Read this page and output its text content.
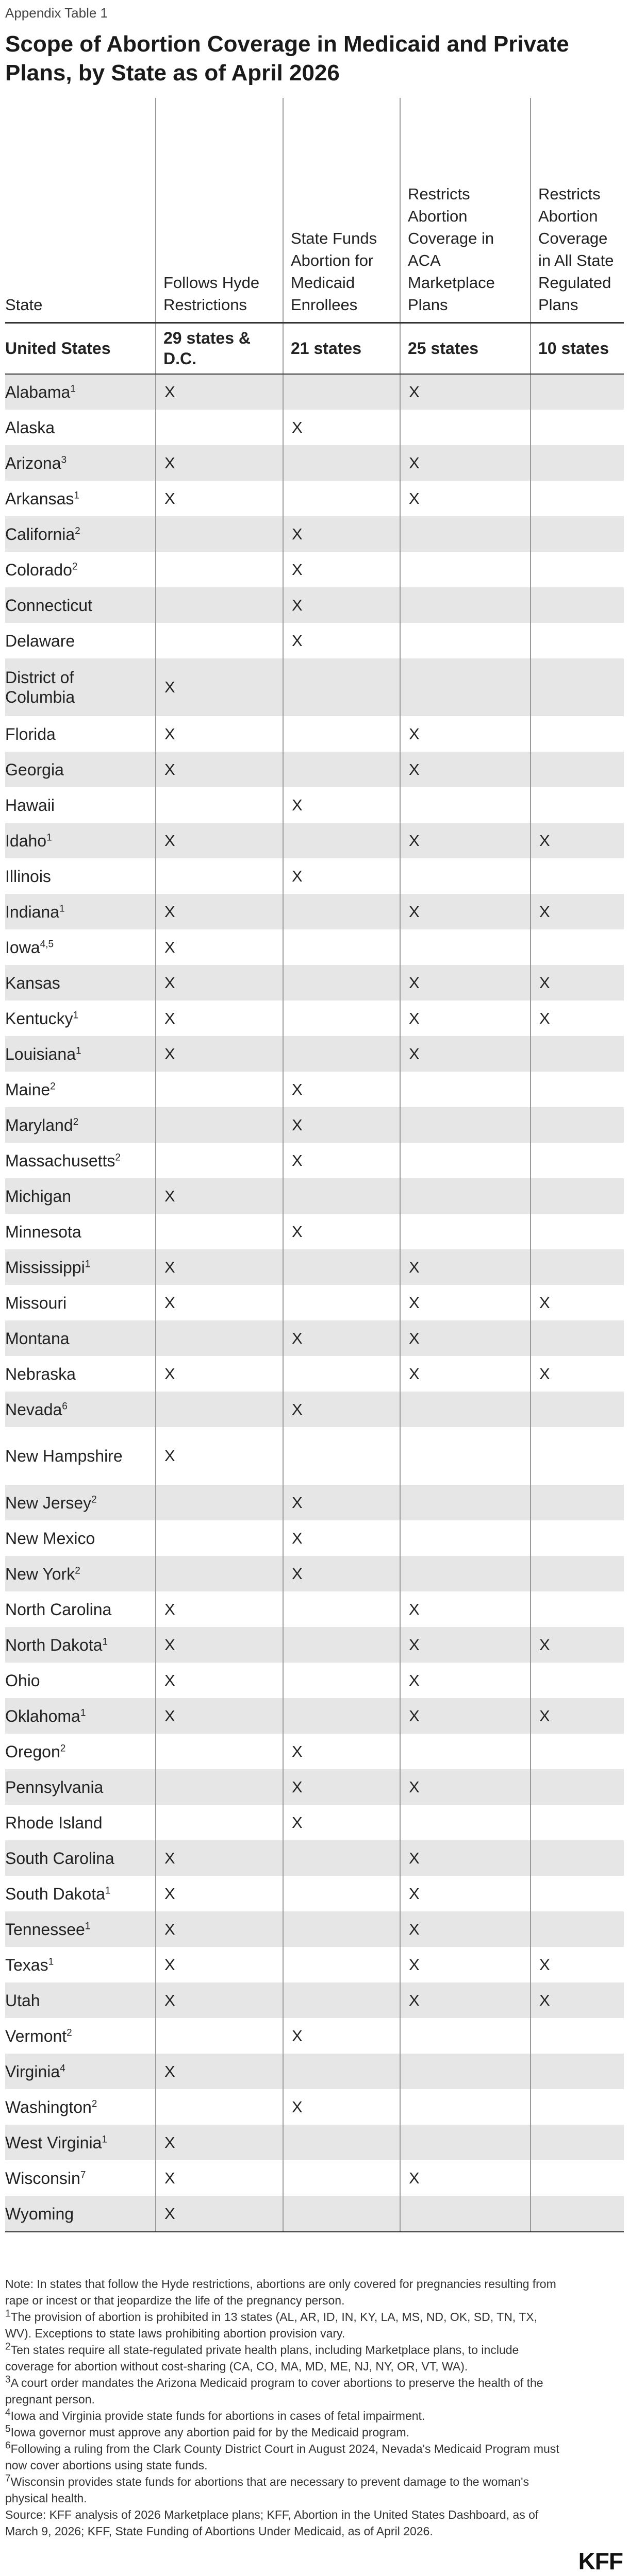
Appendix Table 1
Scope of Abortion Coverage in Medicaid and Private Plans, by State as of April 2026
State	Follows Hyde Restrictions	State Funds Abortion for Medicaid Enrollees	Restricts Abortion Coverage in ACA Marketplace Plans	Restricts Abortion Coverage in All State Regulated Plans
United States	29 states & D.C.	21 states	25 states	10 states
Alabama$^1$	X		X	
Alaska		X		
Arizona$^3$	X		X	
Arkansas$^1$	X		X	
California$^2$		X		
Colorado$^2$		X		
Connecticut		X		
Delaware		X		
District of Columbia	X			
Florida	X		X	
Georgia	X		X	
Hawaii		X		
Idaho$^1$	X		X	X
Illinois		X		
Indiana$^1$	X		X	X
Iowa$^{4,5}$	X			
Kansas	X		X	X
Kentucky$^1$	X		X	X
Louisiana$^1$	X		X	
Maine$^2$		X		
Maryland$^2$		X		
Massachusetts$^2$		X		
Michigan	X			
Minnesota		X		
Mississippi$^1$	X		X	
Missouri	X		X	X
Montana		X	X	
Nebraska	X		X	X
Nevada$^6$		X		
New Hampshire	X			
New Jersey$^2$		X		
New Mexico		X		
New York$^2$		X		
North Carolina	X		X	
North Dakota$^1$	X		X	X
Ohio	X		X	
Oklahoma$^1$	X		X	X
Oregon$^2$		X		
Pennsylvania		X	X	
Rhode Island		X		
South Carolina	X		X	
South Dakota$^1$	X		X	
Tennessee$^1$	X		X	
Texas$^1$	X		X	X
Utah	X		X	X
Vermont$^2$		X		
Virginia$^4$	X			
Washington$^2$		X		
West Virginia$^1$	X			
Wisconsin$^7$	X		X	
Wyoming	X			

Note: In states that follow the Hyde restrictions, abortions are only covered for pregnancies resulting from rape or incest or that jeopardize the life of the pregnancy person.

$^1$The provision of abortion is prohibited in 13 states (AL, AR, ID, IN, KY, LA, MS, ND, OK, SD, TN, TX, WV). Exceptions to state laws prohibiting abortion provision vary.

$^2$Ten states require all state-regulated private health plans, including Marketplace plans, to include coverage for abortion without cost-sharing (CA, CO, MA, MD, ME, NJ, NY, OR, VT, WA).

$^3$A court order mandates the Arizona Medicaid program to cover abortions to preserve the health of the pregnant person.

$^4$Iowa and Virginia provide state funds for abortions in cases of fetal impairment.

$^5$Iowa governor must approve any abortion paid for by the Medicaid program.

$^6$Following a ruling from the Clark County District Court in August 2024, Nevada's Medicaid Program must now cover abortions using state funds.

$^7$Wisconsin provides state funds for abortions that are necessary to prevent damage to the woman's physical health.

Source: KFF analysis of 2026 Marketplace plans; KFF, Abortion in the United States Dashboard, as of March 9, 2026; KFF, State Funding of Abortions Under Medicaid, as of April 2026.

KFF
